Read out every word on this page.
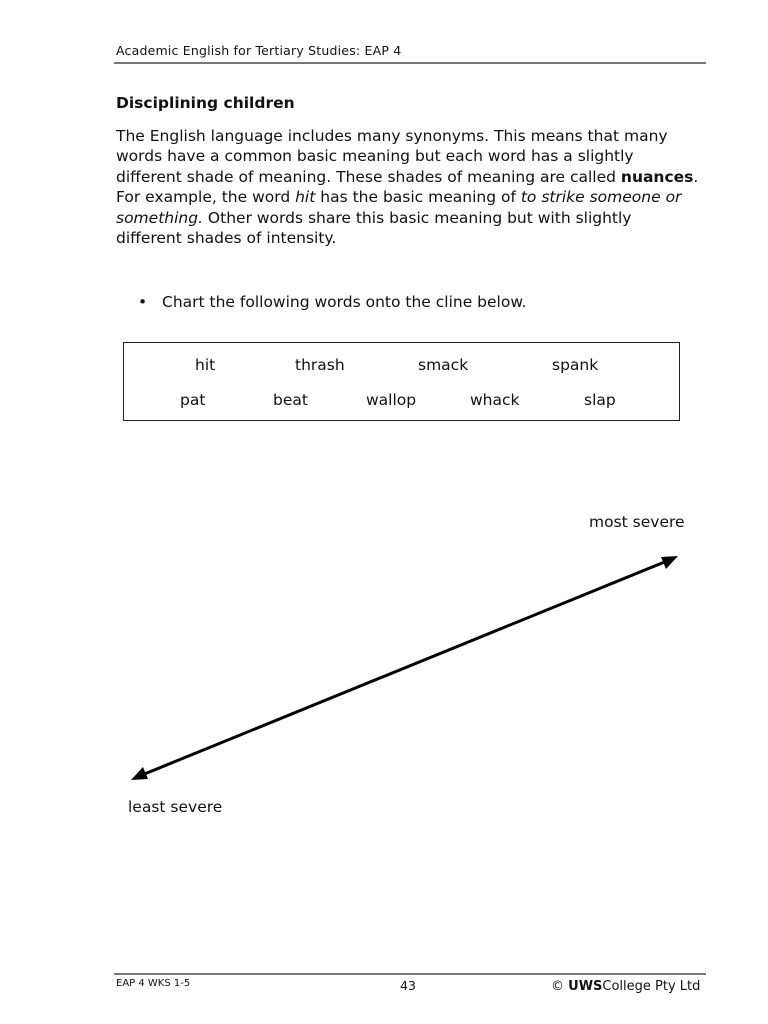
Academic English for Tertiary Studies: EAP 4
Disciplining children
The English language includes many synonyms. This means that many
words have a common basic meaning but each word has a slightly
different shade of meaning. These shades of meaning are called nuances.
For example, the word hit has the basic meaning of to strike someone or
something. Other words share this basic meaning but with slightly
different shades of intensity.
• Chart the following words onto the cline below.
hit	thrash	smack	spank
pat	beat	wallop	whack	slap
most severe
least severe
EAP 4 WKS 1-5	43	© UWSCollege Pty Ltd
